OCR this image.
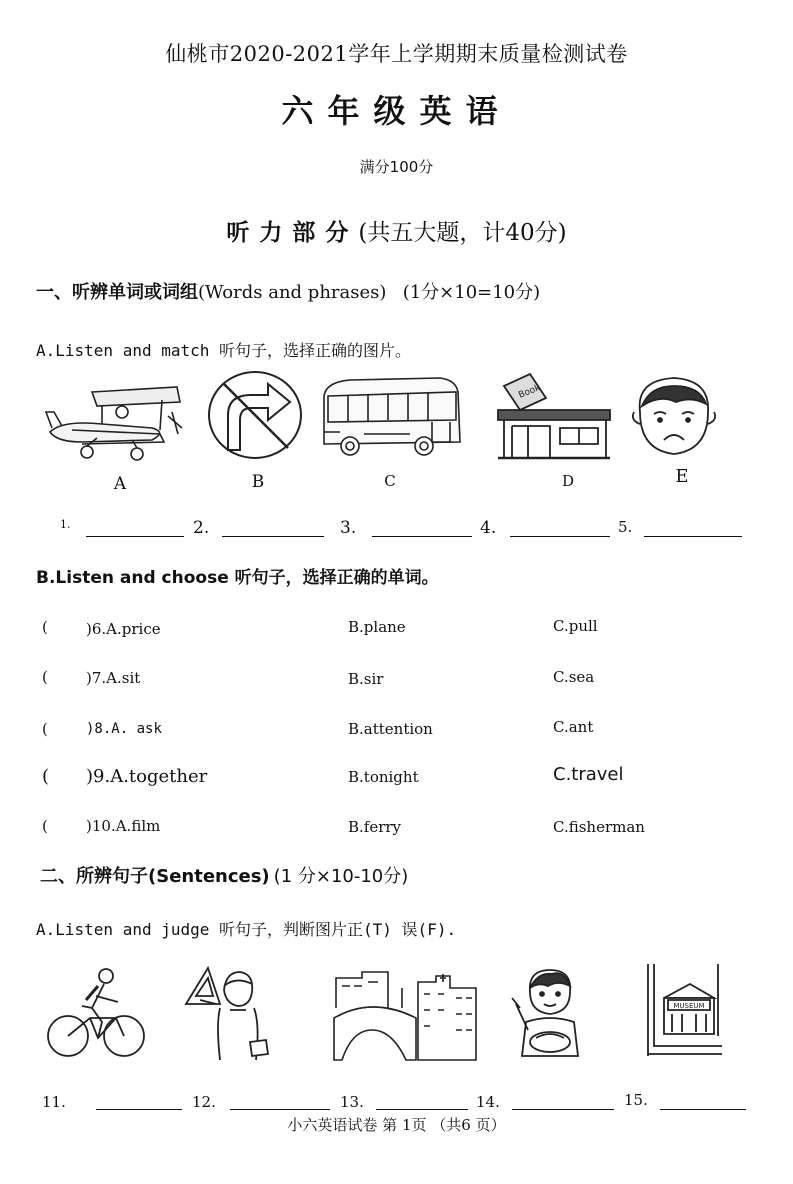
仙桃市2020-2021学年上学期期末质量检测试卷
六年级英语
满分100分
听力部分(共五大题，计40分)
一、听辨单词或词组(Words and phrases) (1分×10=10分)
A.Listen and match 听句子，选择正确的图片。
A	B	C
Book
D	E
1.	2.	3.	4.	5.
B.Listen and choose 听句子，选择正确的单词。
(	)6.A.price	B.plane	C.pull
(	)7.A.sit	B.sir	C.sea
(	)8.A. ask	B.attention	C.ant
( )9.A.together	B.tonight	C.travel
(	)10.A.film	B.ferry	C.fisherman
二、所辨句子(Sentences) (1 分×10-10分)
A.Listen and judge 听句子，判断图片正(T) 误(F).
MUSEUM
11.	12.	13.	14.	15.
小六英语试卷 第 1页 （共6 页）
